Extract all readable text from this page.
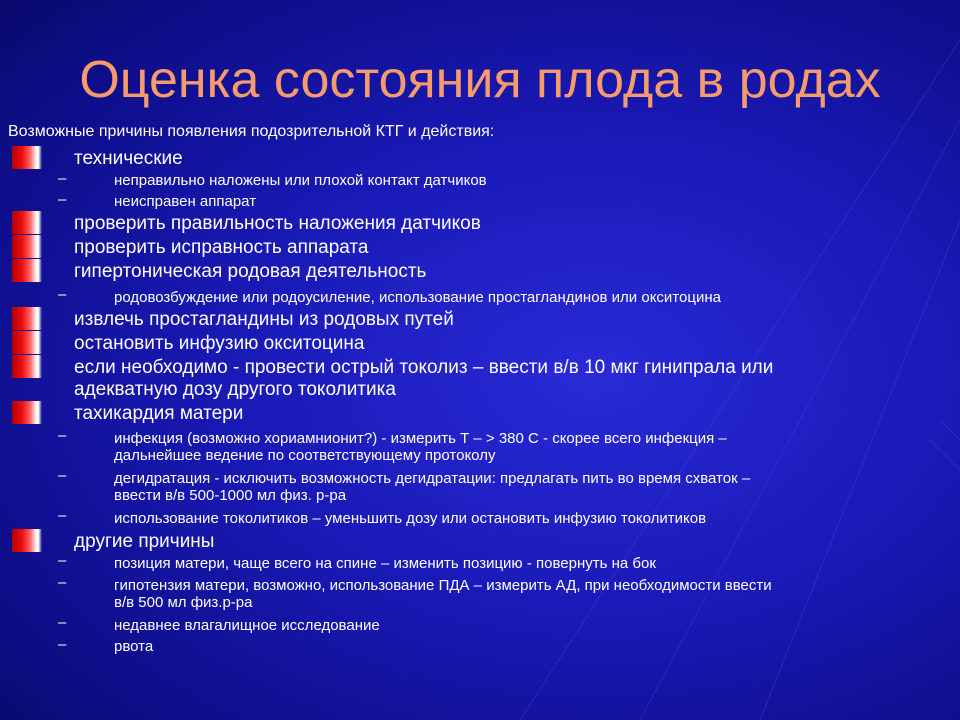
Оценка состояния плода в родах

Возможные причины появления подозрительной КТГ и действия:

технические
проверить правильность наложения датчиков
проверить исправность аппарата
гипертоническая родовая деятельность
извлечь простагландины из родовых путей
остановить инфузию окситоцина
если необходимо - провести острый токолиз – ввести в/в 10 мкг гинипрала или
адекватную дозу другого токолитика
тахикардия матери
другие причины
–
–
–
–
–
–
–
–
–
–
неправильно наложены или плохой контакт датчиков
неисправен аппарат
родовозбуждение или родоусиление, использование простагландинов или окситоцина
инфекция (возможно хориамнионит?) - измерить Т – > 380 С - скорее всего инфекция –
дальнейшее ведение по соответствующему протоколу
дегидратация - исключить возможность дегидратации: предлагать пить во время схваток –
ввести в/в 500-1000 мл физ. р-ра
использование токолитиков – уменьшить дозу или остановить инфузию токолитиков
позиция матери, чаще всего на спине – изменить позицию - повернуть на бок
гипотензия матери, возможно, использование ПДА – измерить АД, при необходимости ввести
в/в 500 мл физ.р-ра
недавнее влагалищное исследование
рвота
